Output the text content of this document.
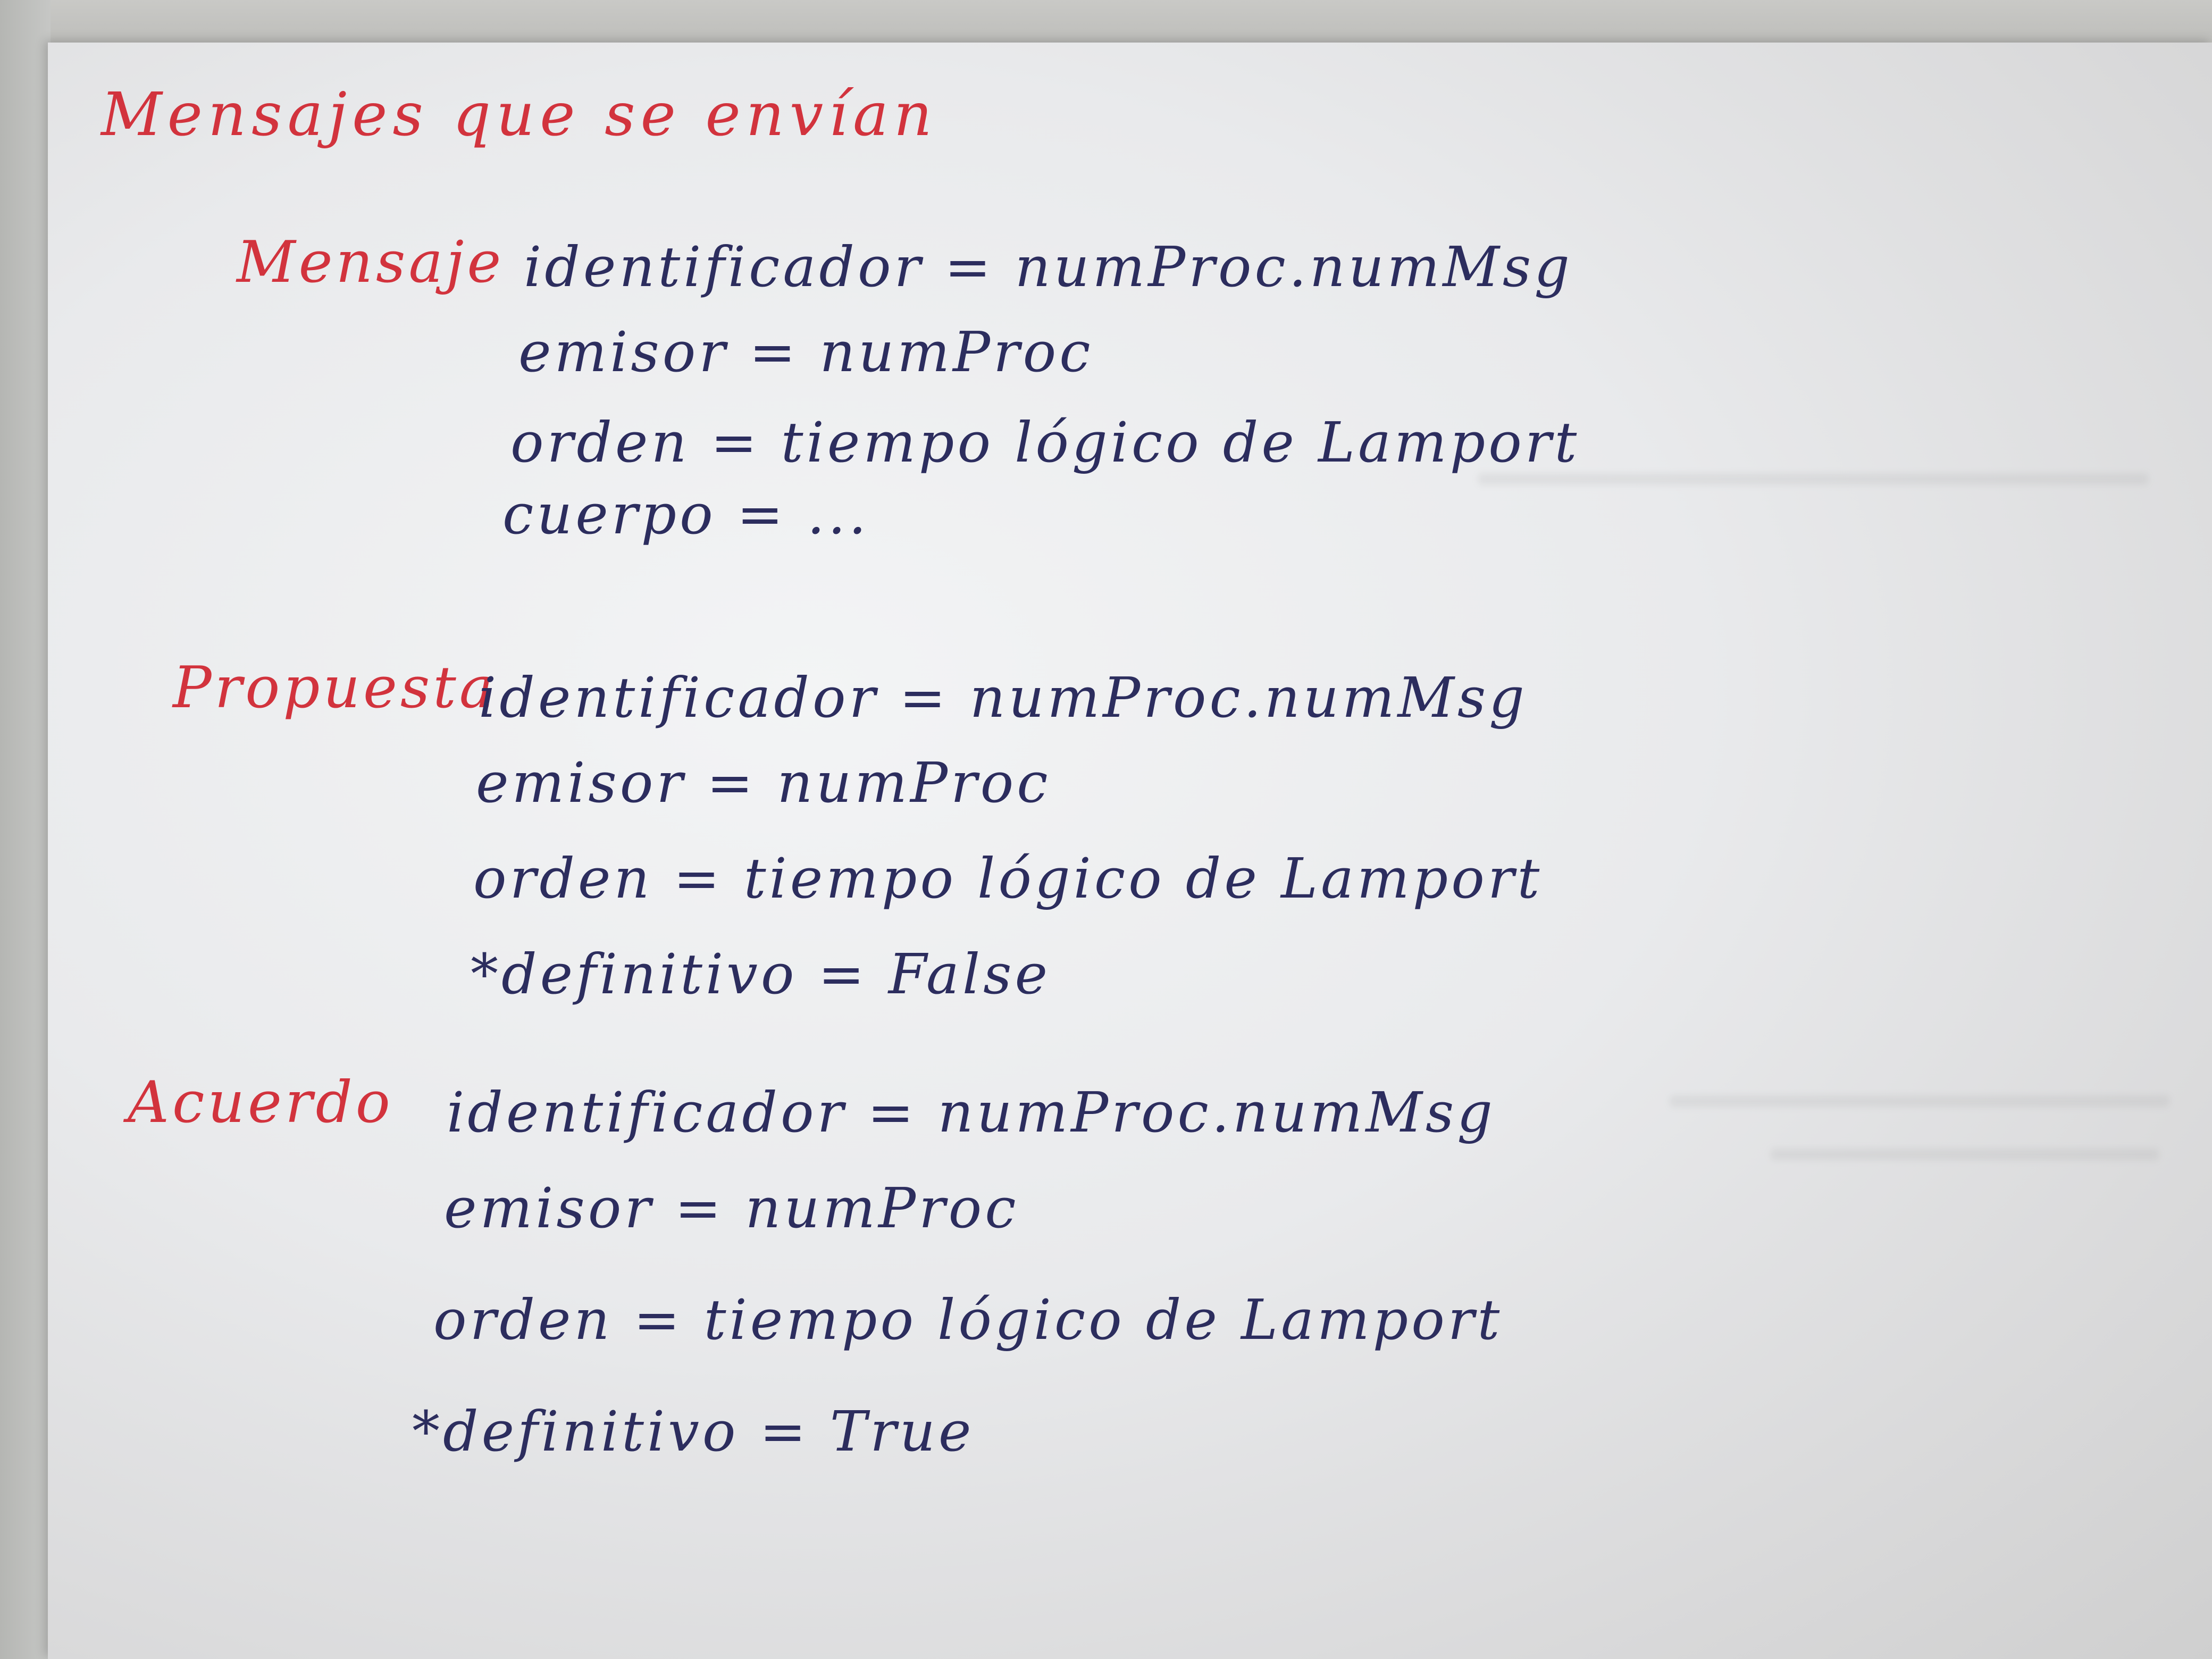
Mensajes que se envían
Mensaje identificador = numProc.numMsg
emisor = numProc
orden = tiempo lógico de Lamport
cuerpo = ...
Propuesta
identificador = numProc.numMsg
emisor = numProc
orden = tiempo lógico de Lamport
*definitivo = False
Acuerdo identificador = numProc.numMsg
emisor = numProc
orden = tiempo lógico de Lamport
*definitivo = True
